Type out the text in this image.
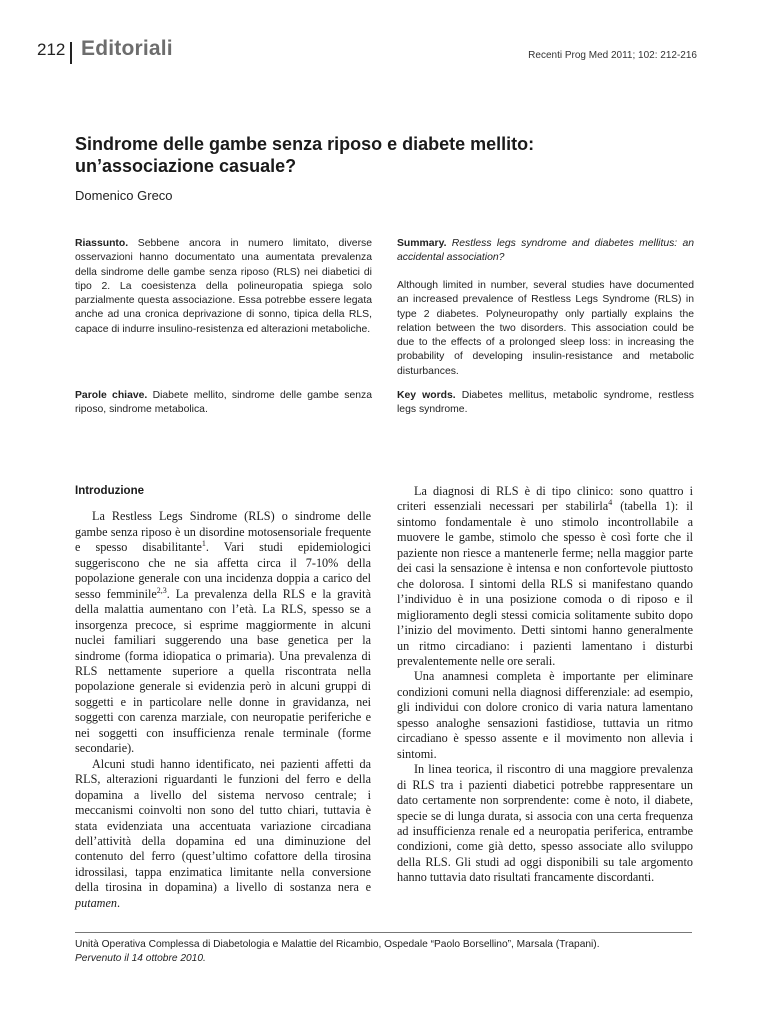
212 Editoriali	Recenti Prog Med 2011; 102: 212-216
Sindrome delle gambe senza riposo e diabete mellito:
un’associazione casuale?
Domenico Greco

Riassunto. Sebbene ancora in numero limitato, diverse osservazioni hanno documentato una aumentata prevalenza della sindrome delle gambe senza riposo (RLS) nei diabetici di tipo 2. La coesistenza della polineuropatia spiega solo parzialmente questa associazione. Essa potrebbe essere legata anche ad una cronica deprivazione di sonno, tipica della RLS, capace di indurre insulino-resistenza ed alterazioni metaboliche.

Parole chiave. Diabete mellito, sindrome delle gambe senza riposo, sindrome metabolica.

Summary. Restless legs syndrome and diabetes mellitus: an accidental association?

Although limited in number, several studies have documented an increased prevalence of Restless Legs Syndrome (RLS) in type 2 diabetes. Polyneuropathy only partially explains the relation between the two disorders. This association could be due to the effects of a prolonged sleep loss: in increasing the probability of developing insulin-resistance and metabolic disturbances.

Key words. Diabetes mellitus, metabolic syndrome, restless legs syndrome.

Introduzione

La Restless Legs Sindrome (RLS) o sindrome delle gambe senza riposo è un disordine motosensoriale frequente e spesso disabilitante$^1$. Vari studi epidemiologici suggeriscono che ne sia affetta circa il 7-10% della popolazione generale con una incidenza doppia a carico del sesso femminile$^{2,3}$. La prevalenza della RLS e la gravità della malattia aumentano con l’età. La RLS, spesso se a insorgenza precoce, si esprime maggiormente in alcuni nuclei familiari suggerendo una base genetica per la sindrome (forma idiopatica o primaria). Una prevalenza di RLS nettamente superiore a quella riscontrata nella popolazione generale si evidenzia però in alcuni gruppi di soggetti e in particolare nelle donne in gravidanza, nei soggetti con carenza marziale, con neuropatie periferiche e nei soggetti con insufficienza renale terminale (forme secondarie).

Alcuni studi hanno identificato, nei pazienti affetti da RLS, alterazioni riguardanti le funzioni del ferro e della dopamina a livello del sistema nervoso centrale; i meccanismi coinvolti non sono del tutto chiari, tuttavia è stata evidenziata una accentuata variazione circadiana dell’attività della dopamina ed una diminuzione del contenuto del ferro (quest’ultimo cofattore della tirosina idrossilasi, tappa enzimatica limitante nella conversione della tirosina in dopamina) a livello di sostanza nera e putamen.

La diagnosi di RLS è di tipo clinico: sono quattro i criteri essenziali necessari per stabilirla$^4$ (tabella 1): il sintomo fondamentale è uno stimolo incontrollabile a muovere le gambe, stimolo che spesso è così forte che il paziente non riesce a mantenerle ferme; nella maggior parte dei casi la sensazione è intensa e non confortevole piuttosto che dolorosa. I sintomi della RLS si manifestano quando l’individuo è in una posizione comoda o di riposo e il miglioramento degli stessi comicia solitamente subito dopo l’inizio del movimento. Detti sintomi hanno generalmente un ritmo circadiano: i pazienti lamentano i disturbi prevalentemente nelle ore serali.

Una anamnesi completa è importante per eliminare condizioni comuni nella diagnosi differenziale: ad esempio, gli individui con dolore cronico di varia natura lamentano spesso analoghe sensazioni fastidiose, tuttavia un ritmo circadiano è spesso assente e il movimento non allevia i sintomi.

In linea teorica, il riscontro di una maggiore prevalenza di RLS tra i pazienti diabetici potrebbe rappresentare un dato certamente non sorprendente: come è noto, il diabete, specie se di lunga durata, si associa con una certa frequenza ad insufficienza renale ed a neuropatia periferica, entrambe condizioni, come già detto, spesso associate allo sviluppo della RLS. Gli studi ad oggi disponibili su tale argomento hanno tuttavia dato risultati francamente discordanti.

Unità Operativa Complessa di Diabetologia e Malattie del Ricambio, Ospedale “Paolo Borsellino”, Marsala (Trapani).

Pervenuto il 14 ottobre 2010.
